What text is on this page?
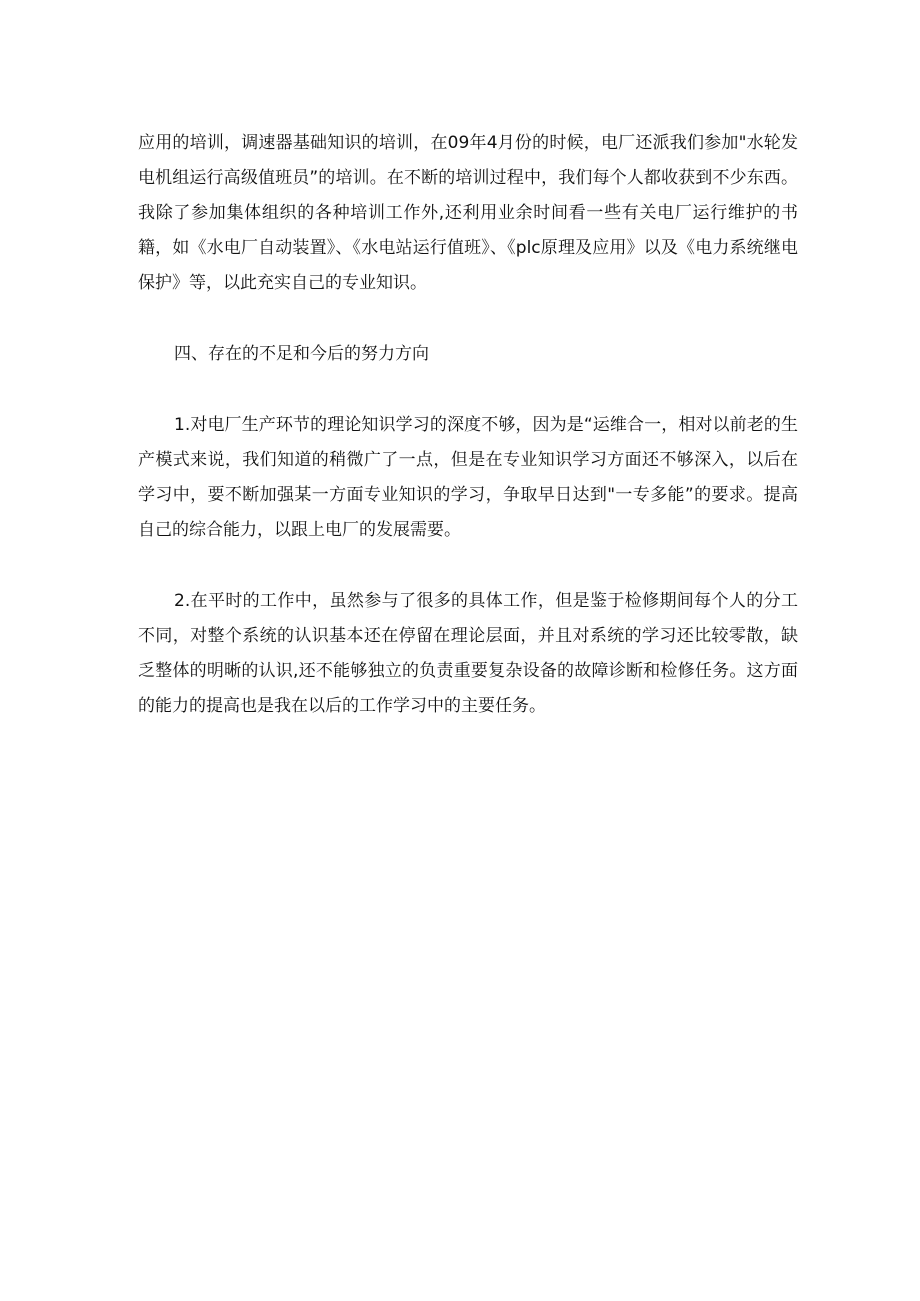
应用的培训，调速器基础知识的培训，在09年4月份的时候，电厂还派我们参加"水轮发电机组运行高级值班员”的培训。在不断的培训过程中，我们每个人都收获到不少东西。我除了参加集体组织的各种培训工作外,还利用业余时间看一些有关电厂运行维护的书籍，如《水电厂自动装置》、《水电站运行值班》、《plc原理及应用》以及《电力系统继电保护》等，以此充实自己的专业知识。

四、存在的不足和今后的努力方向

1.对电厂生产环节的理论知识学习的深度不够，因为是“运维合一，相对以前老的生产模式来说，我们知道的稍微广了一点，但是在专业知识学习方面还不够深入，以后在学习中，要不断加强某一方面专业知识的学习，争取早日达到"一专多能”的要求。提高自己的综合能力，以跟上电厂的发展需要。

2.在平时的工作中，虽然参与了很多的具体工作，但是鉴于检修期间每个人的分工不同，对整个系统的认识基本还在停留在理论层面，并且对系统的学习还比较零散，缺乏整体的明晰的认识,还不能够独立的负责重要复杂设备的故障诊断和检修任务。这方面的能力的提高也是我在以后的工作学习中的主要任务。
